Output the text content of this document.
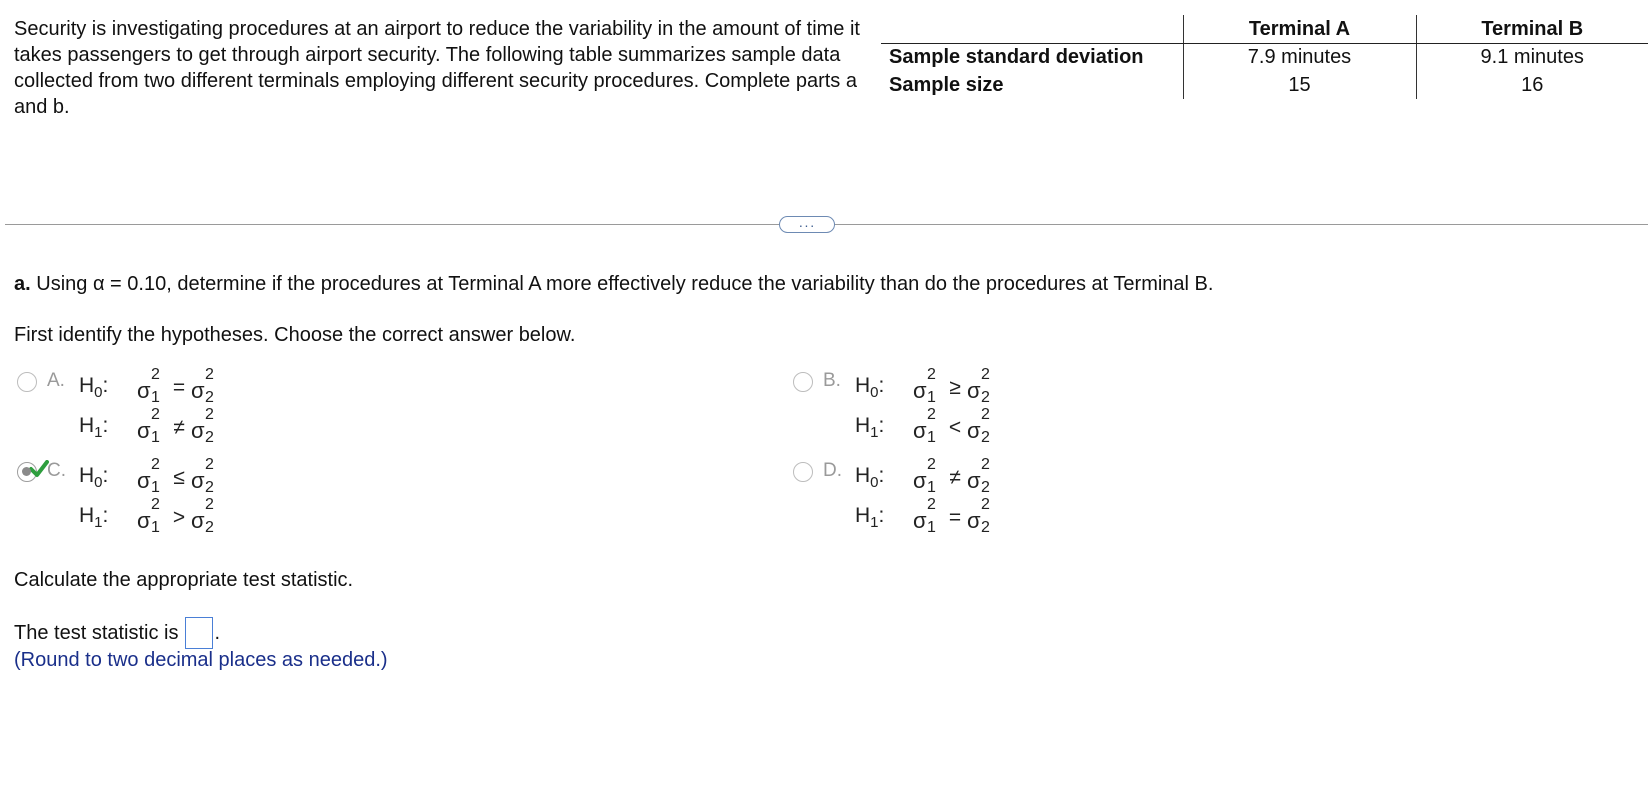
Security is investigating procedures at an airport to reduce the variability in the amount of time it takes passengers to get through airport security. The following table summarizes sample data collected from two different terminals employing different security procedures. Complete parts a and b.

	Terminal A	Terminal B
Sample standard deviation	7.9 minutes	9.1 minutes
Sample size	15	16
···

a. Using α = 0.10, determine if the procedures at Terminal A more effectively reduce the variability than do the procedures at Terminal B.

First identify the hypotheses. Choose the correct answer below.

A. $H_0$:	σ
2
1 = σ
2
2
$H_1$:	σ
2
1 ≠ σ
2
2
B. $H_0$:	σ
2
1 ≥ σ
2
2
$H_1$:	σ
2
1 < σ
2
2
C. $H_0$:	σ
2
1 ≤ σ
2
2
$H_1$:	σ
2
1 > σ
2
2
D. $H_0$:	σ
2
1 ≠ σ
2
2
$H_1$:	σ
2
1 = σ
2
2

Calculate the appropriate test statistic.

The test statistic is .

(Round to two decimal places as needed.)
